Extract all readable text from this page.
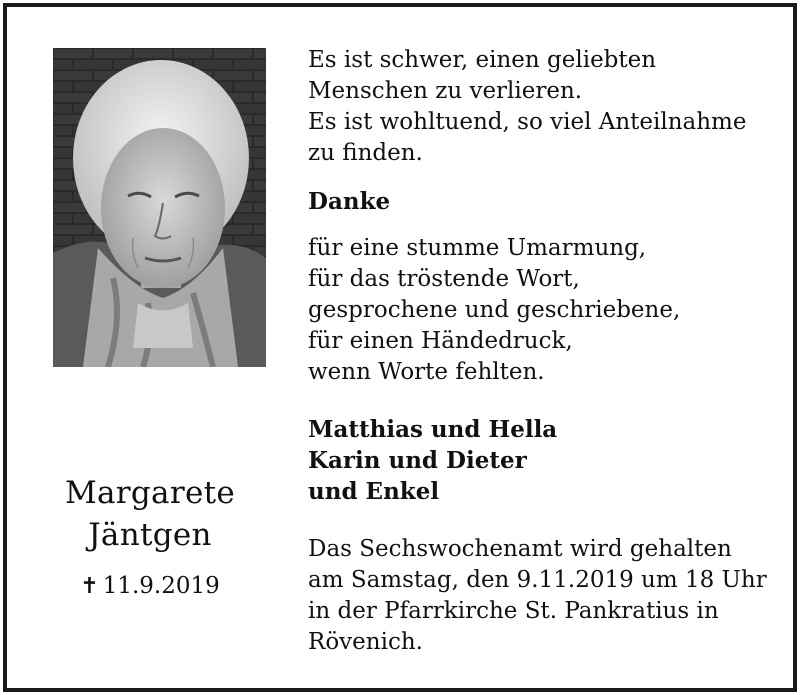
Margarete
Jäntgen
✝ 11.9.2019
Es ist schwer, einen geliebten
Menschen zu verlieren.
Es ist wohltuend, so viel Anteilnahme
zu finden.
Danke
für eine stumme Umarmung,
für das tröstende Wort,
gesprochene und geschriebene,
für einen Händedruck,
wenn Worte fehlten.
Matthias und Hella
Karin und Dieter
und Enkel
Das Sechswochenamt wird gehalten
am Samstag, den 9.11.2019 um 18 Uhr
in der Pfarrkirche St. Pankratius in
Rövenich.
